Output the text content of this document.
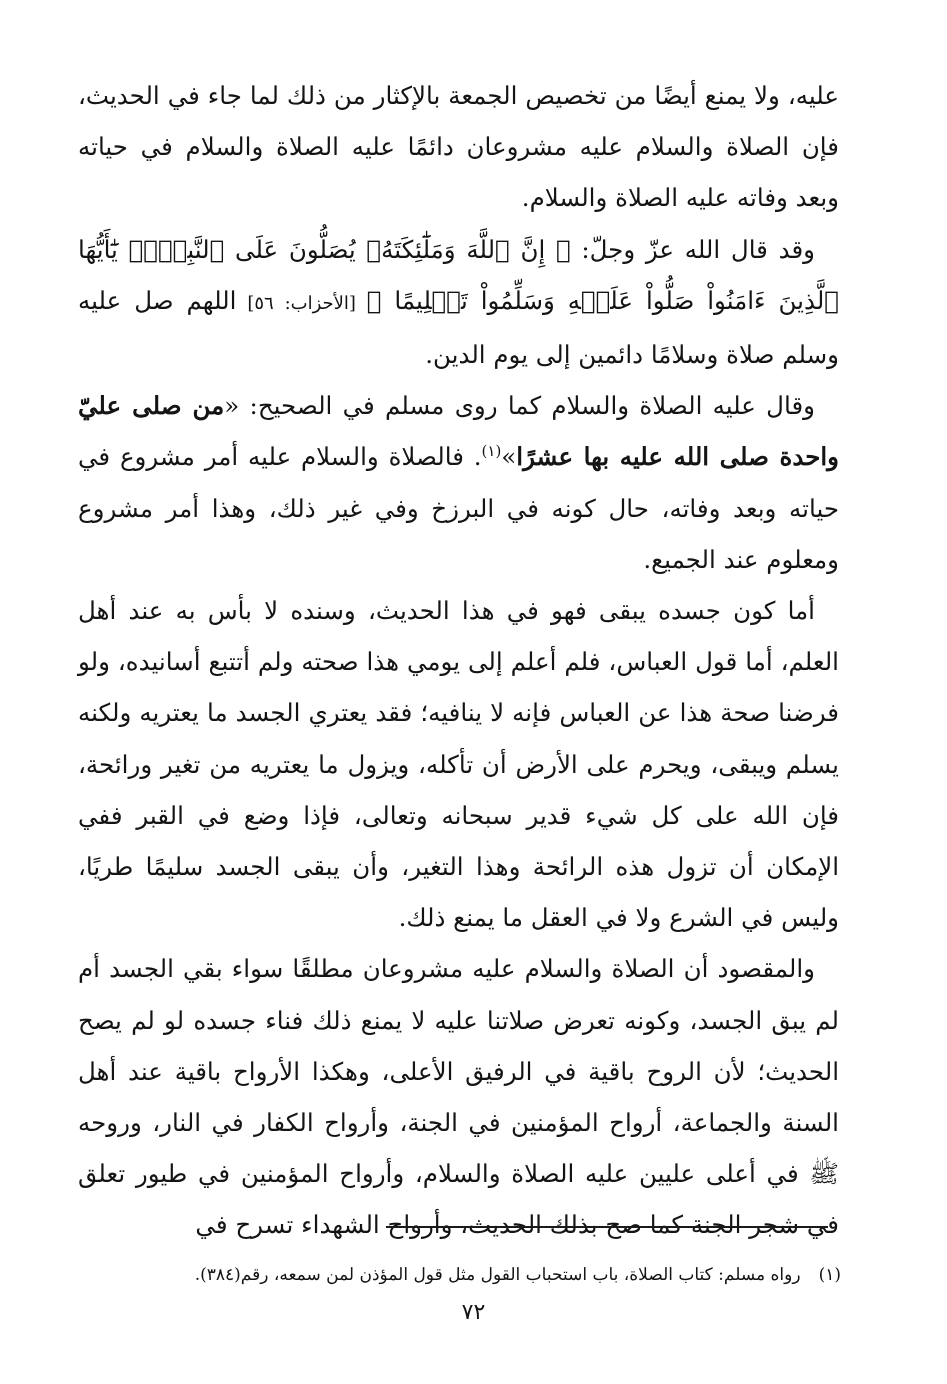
عليه، ولا يمنع أيضًا من تخصيص الجمعة بالإكثار من ذلك لما جاء في الحديث، فإن الصلاة والسلام عليه مشروعان دائمًا عليه الصلاة والسلام في حياته وبعد وفاته عليه الصلاة والسلام.

وقد قال الله عزّ وجلّ: ﴿ إِنَّ ٱللَّهَ وَمَلَٰٓئِكَتَهُۥ يُصَلُّونَ عَلَى ٱلنَّبِيِّۚ يَٰٓأَيُّهَا ٱلَّذِينَ ءَامَنُواْ صَلُّواْ عَلَيۡهِ وَسَلِّمُواْ تَسۡلِيمًا ﴾ [الأحزاب: ٥٦] اللهم صل عليه وسلم صلاة وسلامًا دائمين إلى يوم الدين.

وقال عليه الصلاة والسلام كما روى مسلم في الصحيح: «من صلى عليّ واحدة صلى الله عليه بها عشرًا»$^{(١)}$. فالصلاة والسلام عليه أمر مشروع في حياته وبعد وفاته، حال كونه في البرزخ وفي غير ذلك، وهذا أمر مشروع ومعلوم عند الجميع.

أما كون جسده يبقى فهو في هذا الحديث، وسنده لا بأس به عند أهل العلم، أما قول العباس، فلم أعلم إلى يومي هذا صحته ولم أتتبع أسانيده، ولو فرضنا صحة هذا عن العباس فإنه لا ينافيه؛ فقد يعتري الجسد ما يعتريه ولكنه يسلم ويبقى، ويحرم على الأرض أن تأكله، ويزول ما يعتريه من تغير ورائحة، فإن الله على كل شيء قدير سبحانه وتعالى، فإذا وضع في القبر ففي الإمكان أن تزول هذه الرائحة وهذا التغير، وأن يبقى الجسد سليمًا طريًا، وليس في الشرع ولا في العقل ما يمنع ذلك.

والمقصود أن الصلاة والسلام عليه مشروعان مطلقًا سواء بقي الجسد أم لم يبق الجسد، وكونه تعرض صلاتنا عليه لا يمنع ذلك فناء جسده لو لم يصح الحديث؛ لأن الروح باقية في الرفيق الأعلى، وهكذا الأرواح باقية عند أهل السنة والجماعة، أرواح المؤمنين في الجنة، وأرواح الكفار في النار، وروحه ﷺ في أعلى عليين عليه الصلاة والسلام، وأرواح المؤمنين في طيور تعلق في شجر الجنة كما صح بذلك الحديث، وأرواح الشهداء تسرح في

(١)رواه مسلم: كتاب الصلاة، باب استحباب القول مثل قول المؤذن لمن سمعه، رقم(٣٨٤).
٧٢
